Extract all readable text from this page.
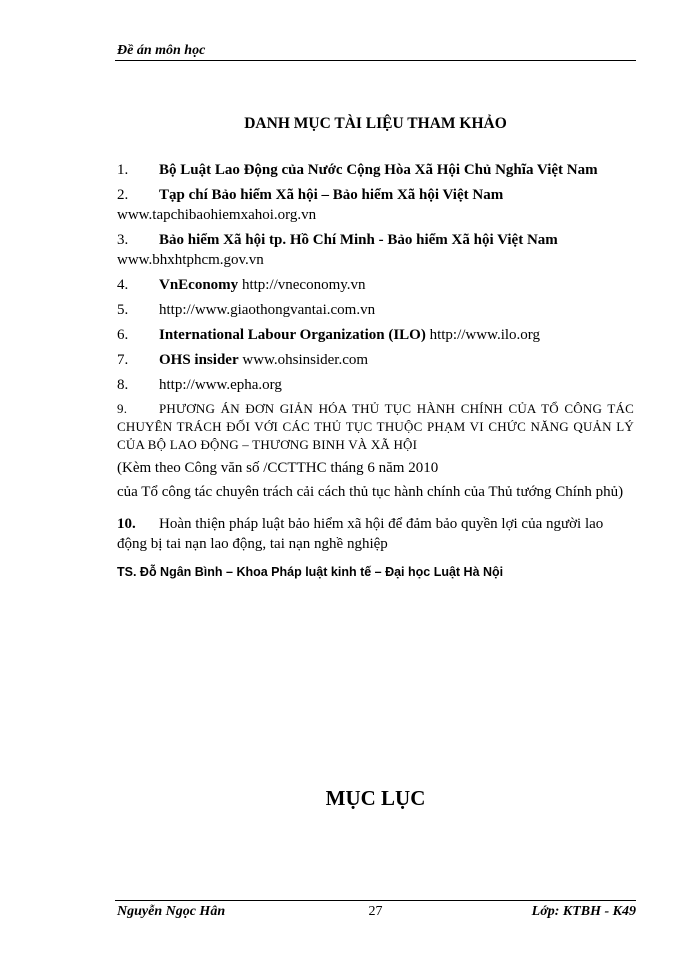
Đề án môn học
DANH MỤC TÀI LIỆU THAM KHẢO
1. Bộ Luật Lao Động của Nước Cộng Hòa Xã Hội Chủ Nghĩa Việt Nam
2. Tạp chí Bảo hiểm Xã hội – Bảo hiểm Xã hội Việt Nam
www.tapchibaohiemxahoi.org.vn
3. Bảo hiểm Xã hội tp. Hồ Chí Minh - Bảo hiểm Xã hội Việt Nam
www.bhxhtphcm.gov.vn
4. VnEconomy http://vneconomy.vn
5. http://www.giaothongvantai.com.vn
6. International Labour Organization (ILO) http://www.ilo.org
7. OHS insider www.ohsinsider.com
8. http://www.epha.org
9. PHƯƠNG ÁN ĐƠN GIẢN HÓA THỦ TỤC HÀNH CHÍNH CỦA TỔ CÔNG TÁC CHUYÊN TRÁCH ĐỐI VỚI CÁC THỦ TỤC THUỘC PHẠM VI CHỨC NĂNG QUẢN LÝ CỦA BỘ LAO ĐỘNG – THƯƠNG BINH VÀ XÃ HỘI
(Kèm theo Công văn số /CCTTHC tháng 6 năm 2010
của Tổ công tác chuyên trách cải cách thủ tục hành chính của Thủ tướng Chính phủ)
10. Hoàn thiện pháp luật bảo hiểm xã hội để đảm bảo quyền lợi của người lao động bị tai nạn lao động, tai nạn nghề nghiệp
TS. Đỗ Ngân Bình – Khoa Pháp luật kinh tế – Đại học Luật Hà Nội
MỤC LỤC
Nguyễn Ngọc Hân	27	Lớp: KTBH - K49
